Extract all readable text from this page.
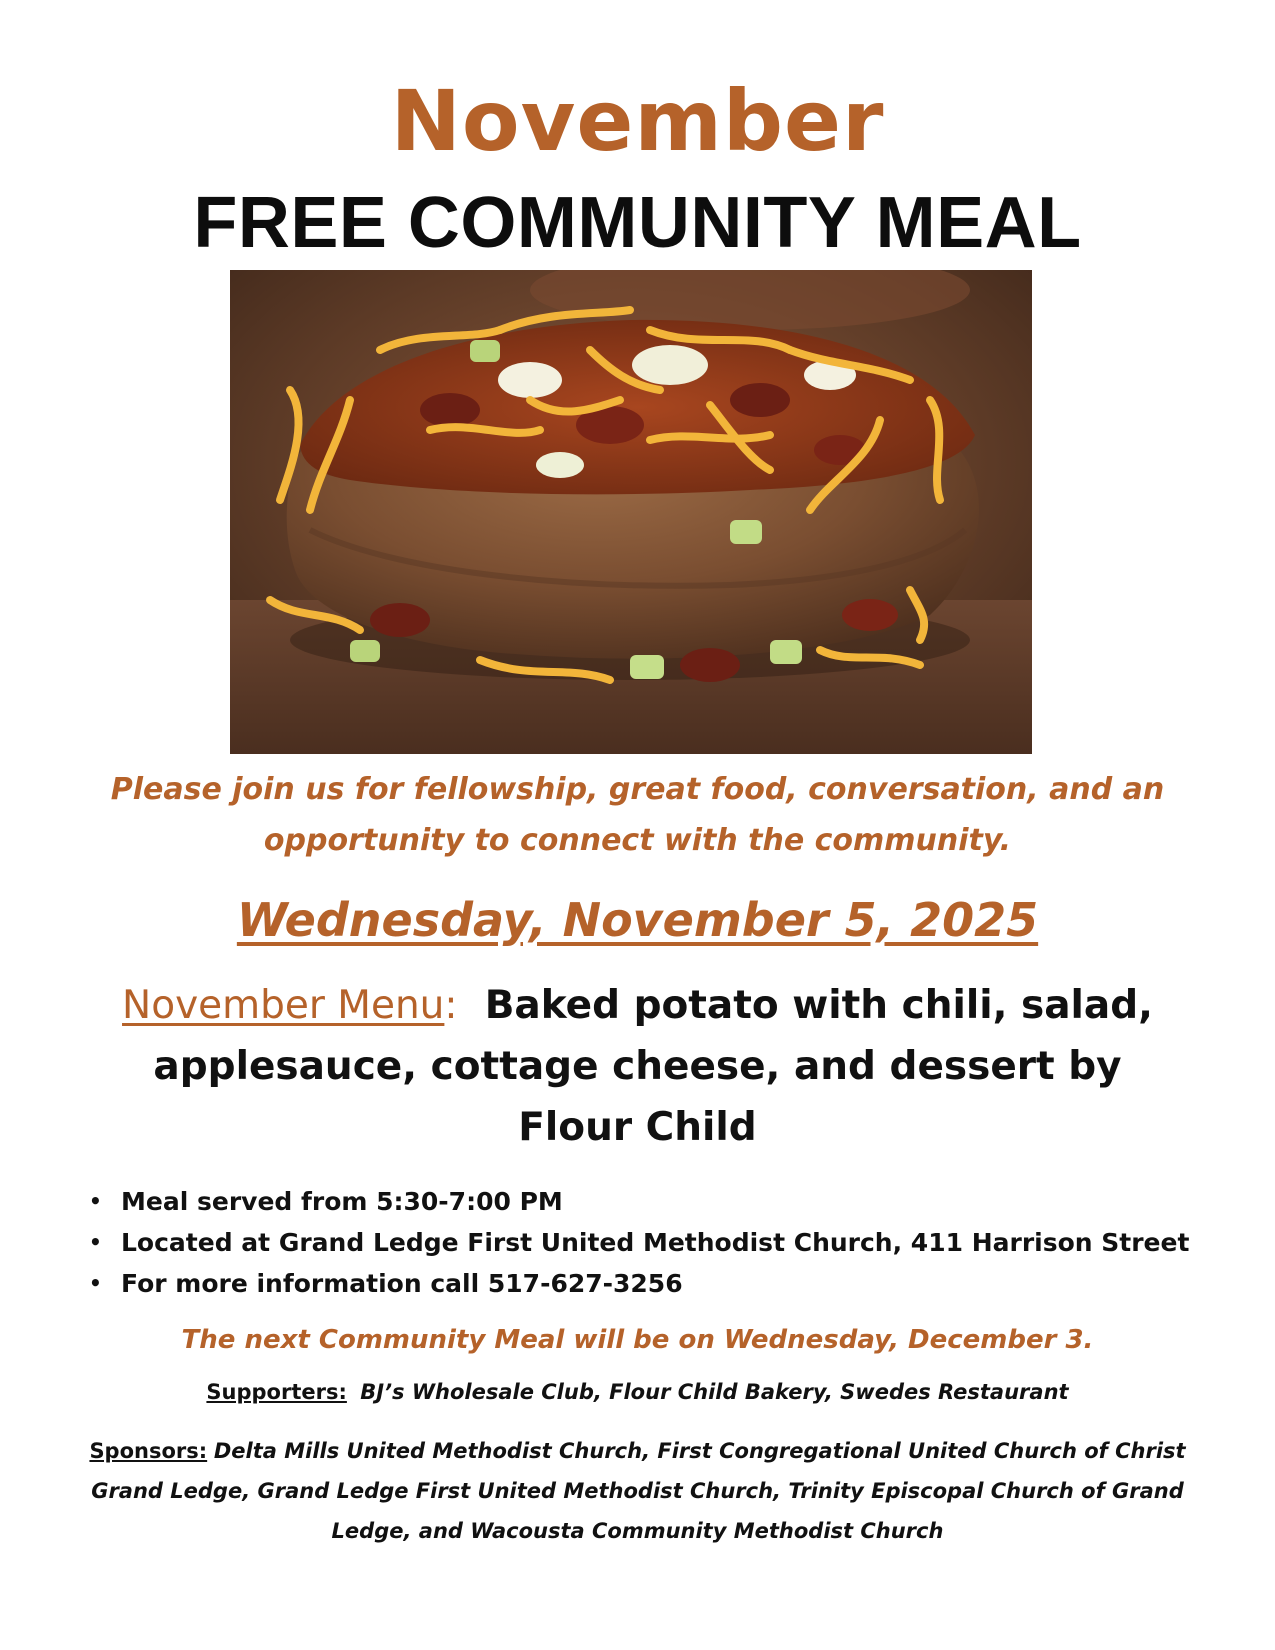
November
FREE COMMUNITY MEAL
Please join us for fellowship, great food, conversation, and an opportunity to connect with the community.
Wednesday, November 5, 2025
November Menu: Baked potato with chili, salad, applesauce, cottage cheese, and dessert by Flour Child
• Meal served from 5:30-7:00 PM
• Located at Grand Ledge First United Methodist Church, 411 Harrison Street
• For more information call 517-627-3256
The next Community Meal will be on Wednesday, December 3.
Supporters: BJ’s Wholesale Club, Flour Child Bakery, Swedes Restaurant
Sponsors: Delta Mills United Methodist Church, First Congregational United Church of Christ Grand Ledge, Grand Ledge First United Methodist Church, Trinity Episcopal Church of Grand Ledge, and Wacousta Community Methodist Church
